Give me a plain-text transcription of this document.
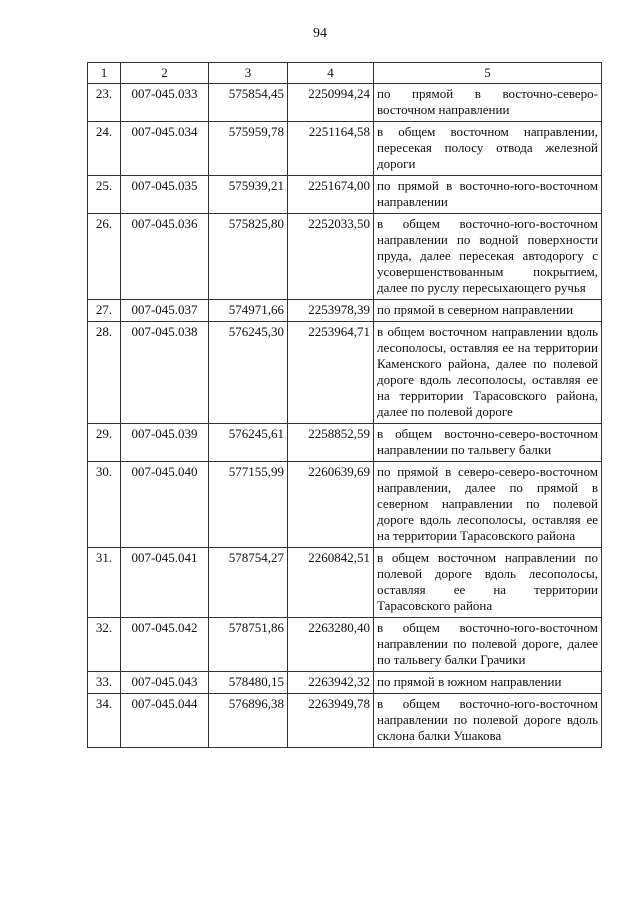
94
1	2	3	4	5
23.	007-045.033	575854,45	2250994,24	по прямой в восточно-северо-восточном направлении
24.	007-045.034	575959,78	2251164,58	в общем восточном направлении, пересекая полосу отвода железной дороги
25.	007-045.035	575939,21	2251674,00	по прямой в восточно-юго-восточном направлении
26.	007-045.036	575825,80	2252033,50	в общем восточно-юго-восточном направлении по водной поверхности пруда, далее пересекая автодорогу с усовершенствованным покрытием, далее по руслу пересыхающего ручья
27.	007-045.037	574971,66	2253978,39	по прямой в северном направлении
28.	007-045.038	576245,30	2253964,71	в общем восточном направлении вдоль лесополосы, оставляя ее на территории Каменского района, далее по полевой дороге вдоль лесополосы, оставляя ее на территории Тарасовского района, далее по полевой дороге
29.	007-045.039	576245,61	2258852,59	в общем восточно-северо-восточном направлении по тальвегу балки
30.	007-045.040	577155,99	2260639,69	по прямой в северо-северо-восточном направлении, далее по прямой в северном направлении по полевой дороге вдоль лесополосы, оставляя ее на территории Тарасовского района
31.	007-045.041	578754,27	2260842,51	в общем восточном направлении по полевой дороге вдоль лесополосы, оставляя ее на территории Тарасовского района
32.	007-045.042	578751,86	2263280,40	в общем восточно-юго-восточном направлении по полевой дороге, далее по тальвегу балки Грачики
33.	007-045.043	578480,15	2263942,32	по прямой в южном направлении
34.	007-045.044	576896,38	2263949,78	в общем восточно-юго-восточном направлении по полевой дороге вдоль склона балки Ушакова
